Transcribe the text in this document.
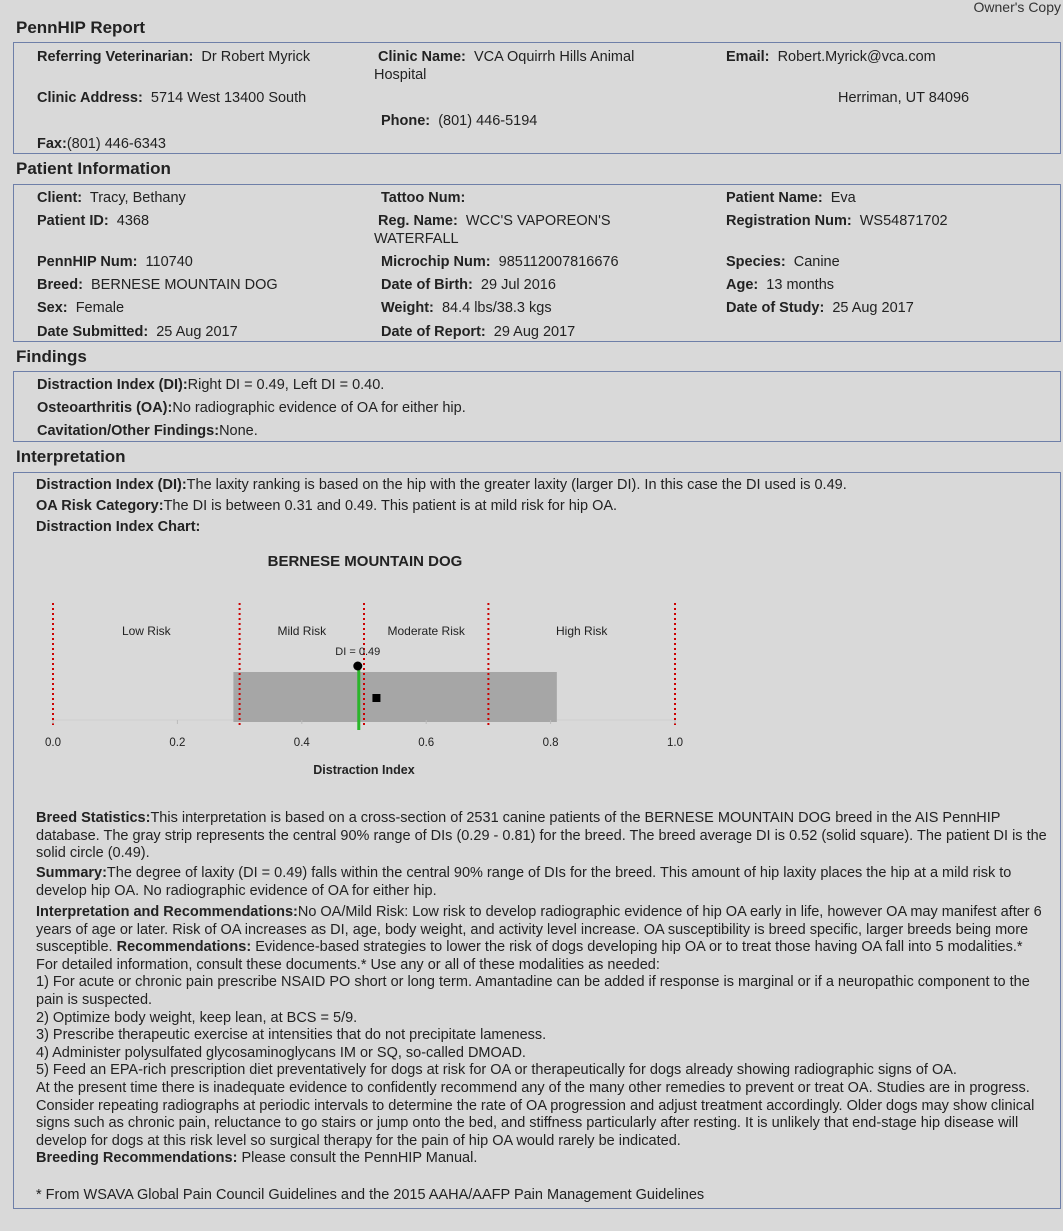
Owner's Copy
PennHIP Report
Referring Veterinarian: Dr Robert Myrick	Clinic Name: VCA Oquirrh Hills Animal
Hospital
Email: Robert.Myrick@vca.com
Clinic Address: 5714 West 13400 South	Herriman, UT 84096
Phone: (801) 446-5194
Fax:(801) 446-6343
Patient Information
Client: Tracy, Bethany	Tattoo Num:	Patient Name: Eva
Patient ID: 4368	Reg. Name: WCC'S VAPOREON'S
WATERFALL
Registration Num: WS54871702
PennHIP Num: 110740	Microchip Num: 985112007816676	Species: Canine
Breed: BERNESE MOUNTAIN DOG	Date of Birth: 29 Jul 2016	Age: 13 months
Sex: Female	Weight: 84.4 lbs/38.3 kgs	Date of Study: 25 Aug 2017
Date Submitted: 25 Aug 2017	Date of Report: 29 Aug 2017
Findings
Distraction Index (DI):Right DI = 0.49, Left DI = 0.40.
Osteoarthritis (OA):No radiographic evidence of OA for either hip.
Cavitation/Other Findings:None.
Interpretation
Distraction Index (DI):The laxity ranking is based on the hip with the greater laxity (larger DI). In this case the DI used is 0.49.
OA Risk Category:The DI is between 0.31 and 0.49. This patient is at mild risk for hip OA.
Distraction Index Chart:
BERNESE MOUNTAIN DOG
Low Risk	Mild Risk	Moderate Risk	High Risk
DI = 0.49
0.0	0.2	0.4	0.6	0.8	1.0
Distraction Index
Breed Statistics:This interpretation is based on a cross-section of 2531 canine patients of the BERNESE MOUNTAIN DOG breed in the AIS PennHIP database. The gray strip represents the central 90% range of DIs (0.29 - 0.81) for the breed. The breed average DI is 0.52 (solid square). The patient DI is the solid circle (0.49).
Summary:The degree of laxity (DI = 0.49) falls within the central 90% range of DIs for the breed. This amount of hip laxity places the hip at a mild risk to develop hip OA. No radiographic evidence of OA for either hip.
Interpretation and Recommendations:No OA/Mild Risk: Low risk to develop radiographic evidence of hip OA early in life, however OA may manifest after 6 years of age or later. Risk of OA increases as DI, age, body weight, and activity level increase. OA susceptibility is breed specific, larger breeds being more susceptible. Recommendations: Evidence-based strategies to lower the risk of dogs developing hip OA or to treat those having OA fall into 5 modalities.* For detailed information, consult these documents.* Use any or all of these modalities as needed:
1) For acute or chronic pain prescribe NSAID PO short or long term. Amantadine can be added if response is marginal or if a neuropathic component to the pain is suspected.
2) Optimize body weight, keep lean, at BCS = 5/9.
3) Prescribe therapeutic exercise at intensities that do not precipitate lameness.
4) Administer polysulfated glycosaminoglycans IM or SQ, so-called DMOAD.
5) Feed an EPA-rich prescription diet preventatively for dogs at risk for OA or therapeutically for dogs already showing radiographic signs of OA.
At the present time there is inadequate evidence to confidently recommend any of the many other remedies to prevent or treat OA. Studies are in progress. Consider repeating radiographs at periodic intervals to determine the rate of OA progression and adjust treatment accordingly. Older dogs may show clinical signs such as chronic pain, reluctance to go stairs or jump onto the bed, and stiffness particularly after resting. It is unlikely that end-stage hip disease will develop for dogs at this risk level so surgical therapy for the pain of hip OA would rarely be indicated.
Breeding Recommendations: Please consult the PennHIP Manual.
* From WSAVA Global Pain Council Guidelines and the 2015 AAHA/AAFP Pain Management Guidelines
